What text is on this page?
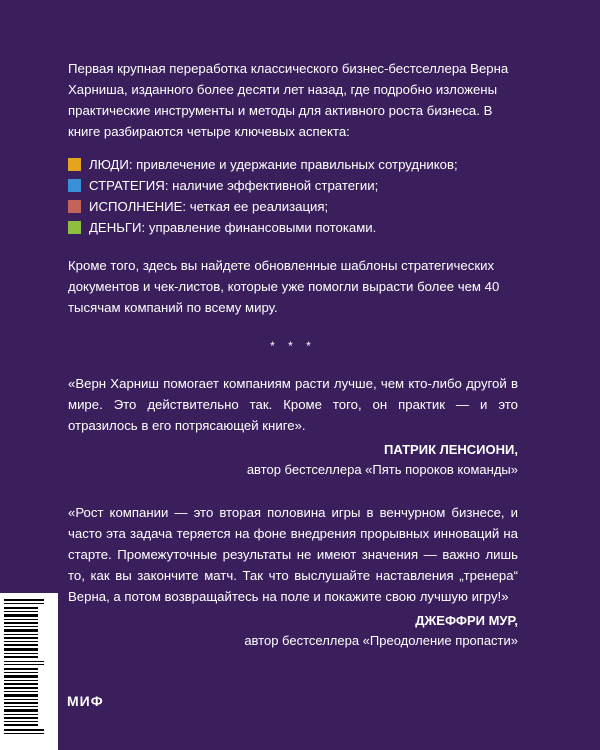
Первая крупная переработка классического бизнес-бестселлера Верна Харниша, изданного более десяти лет назад, где подробно изложены практические инструменты и методы для активного роста бизнеса. В книге разбираются четыре ключевых аспекта:

ЛЮДИ : привлечение и удержание правильных сотрудников;
СТРАТЕГИЯ : наличие эффективной стратегии;
ИСПОЛНЕНИЕ : четкая ее реализация;
ДЕНЬГИ : управление финансовыми потоками.

Кроме того, здесь вы найдете обновленные шаблоны стратегических документов и чек-листов, которые уже помогли вырасти более чем 40 тысячам компаний по всему миру.

* * *

«Верн Харниш помогает компаниям расти лучше, чем кто-либо другой в мире. Это действительно так. Кроме того, он практик — и это отразилось в его потрясающей книге».

ПАТРИК ЛЕНСИОНИ,

автор бестселлера «Пять пороков команды»

«Рост компании — это вторая половина игры в венчурном бизнесе, и часто эта задача теряется на фоне внедрения прорывных инноваций на старте. Промежуточные результаты не имеют значения — важно лишь то, как вы закончите матч. Так что выслушайте наставления „тренера“ Верна, а потом возвращайтесь на поле и покажите свою лучшую игру!»

ДЖЕФФРИ МУР,

автор бестселлера «Преодоление пропасти»

9 785001 469476 МИФ
